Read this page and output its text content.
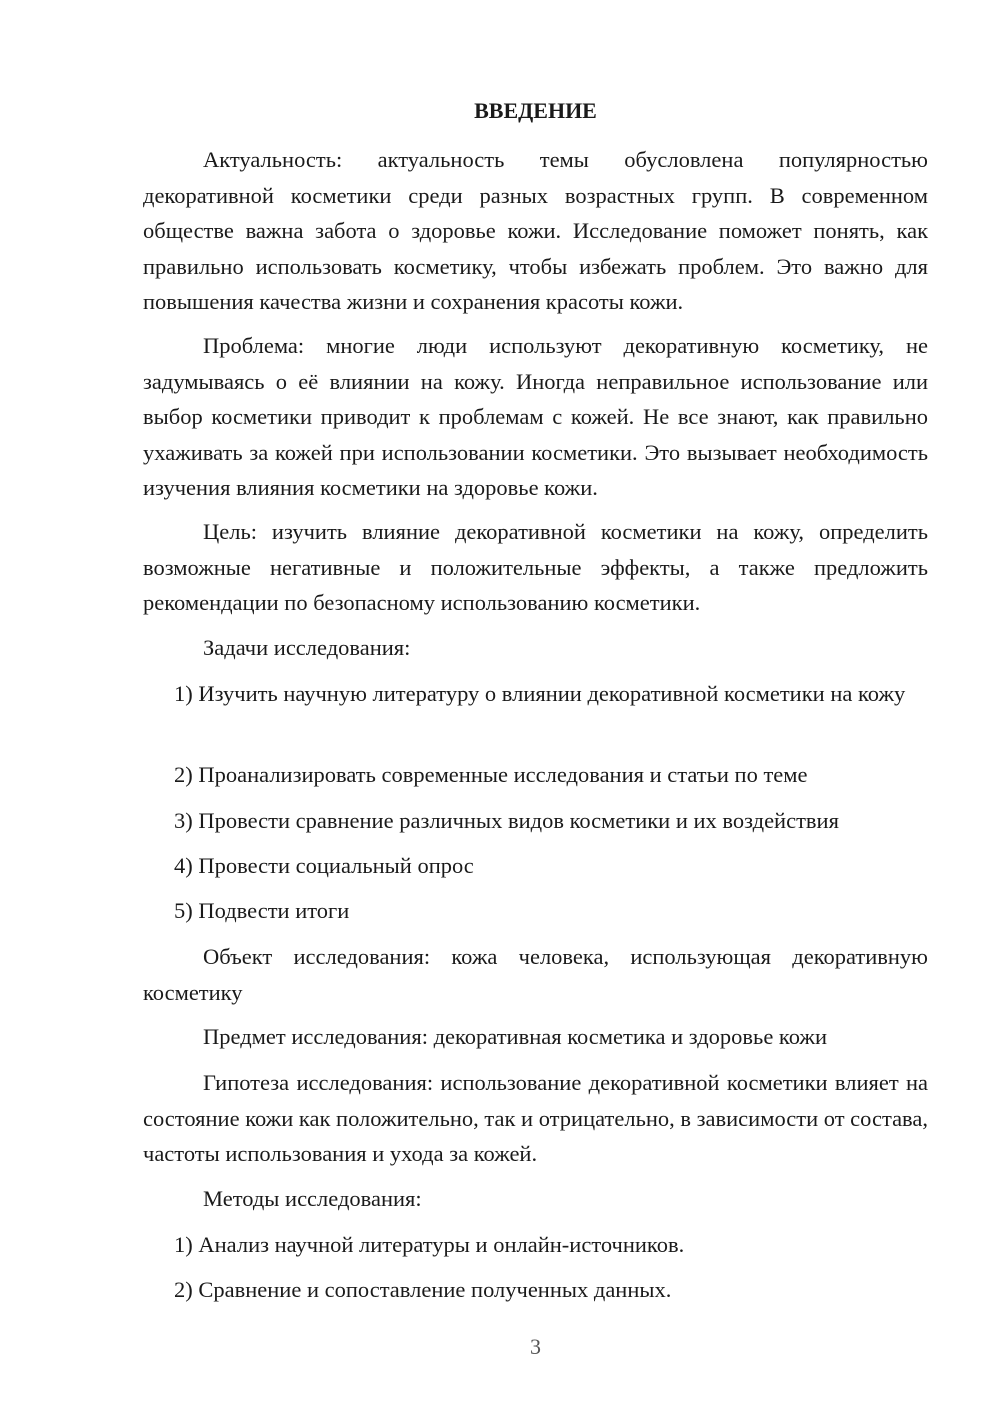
ВВЕДЕНИЕ

Актуальность: актуальность темы обусловлена популярностью декоративной косметики среди разных возрастных групп. В современном обществе важна забота о здоровье кожи. Исследование поможет понять, как правильно использовать косметику, чтобы избежать проблем. Это важно для повышения качества жизни и сохранения красоты кожи.

Проблема: многие люди используют декоративную косметику, не задумываясь о её влиянии на кожу. Иногда неправильное использование или выбор косметики приводит к проблемам с кожей. Не все знают, как правильно ухаживать за кожей при использовании косметики. Это вызывает необходимость изучения влияния косметики на здоровье кожи.

Цель: изучить влияние декоративной косметики на кожу, определить возможные негативные и положительные эффекты, а также предложить рекомендации по безопасному использованию косметики.

Задачи исследования:

1) Изучить научную литературу о влиянии декоративной косметики на кожу

2) Проанализировать современные исследования и статьи по теме

3) Провести сравнение различных видов косметики и их воздействия

4) Провести социальный опрос

5) Подвести итоги

Объект исследования: кожа человека, использующая декоративную косметику

Предмет исследования: декоративная косметика и здоровье кожи

Гипотеза исследования: использование декоративной косметики влияет на состояние кожи как положительно, так и отрицательно, в зависимости от состава, частоты использования и ухода за кожей.

Методы исследования:

1) Анализ научной литературы и онлайн-источников.

2) Сравнение и сопоставление полученных данных.

3
